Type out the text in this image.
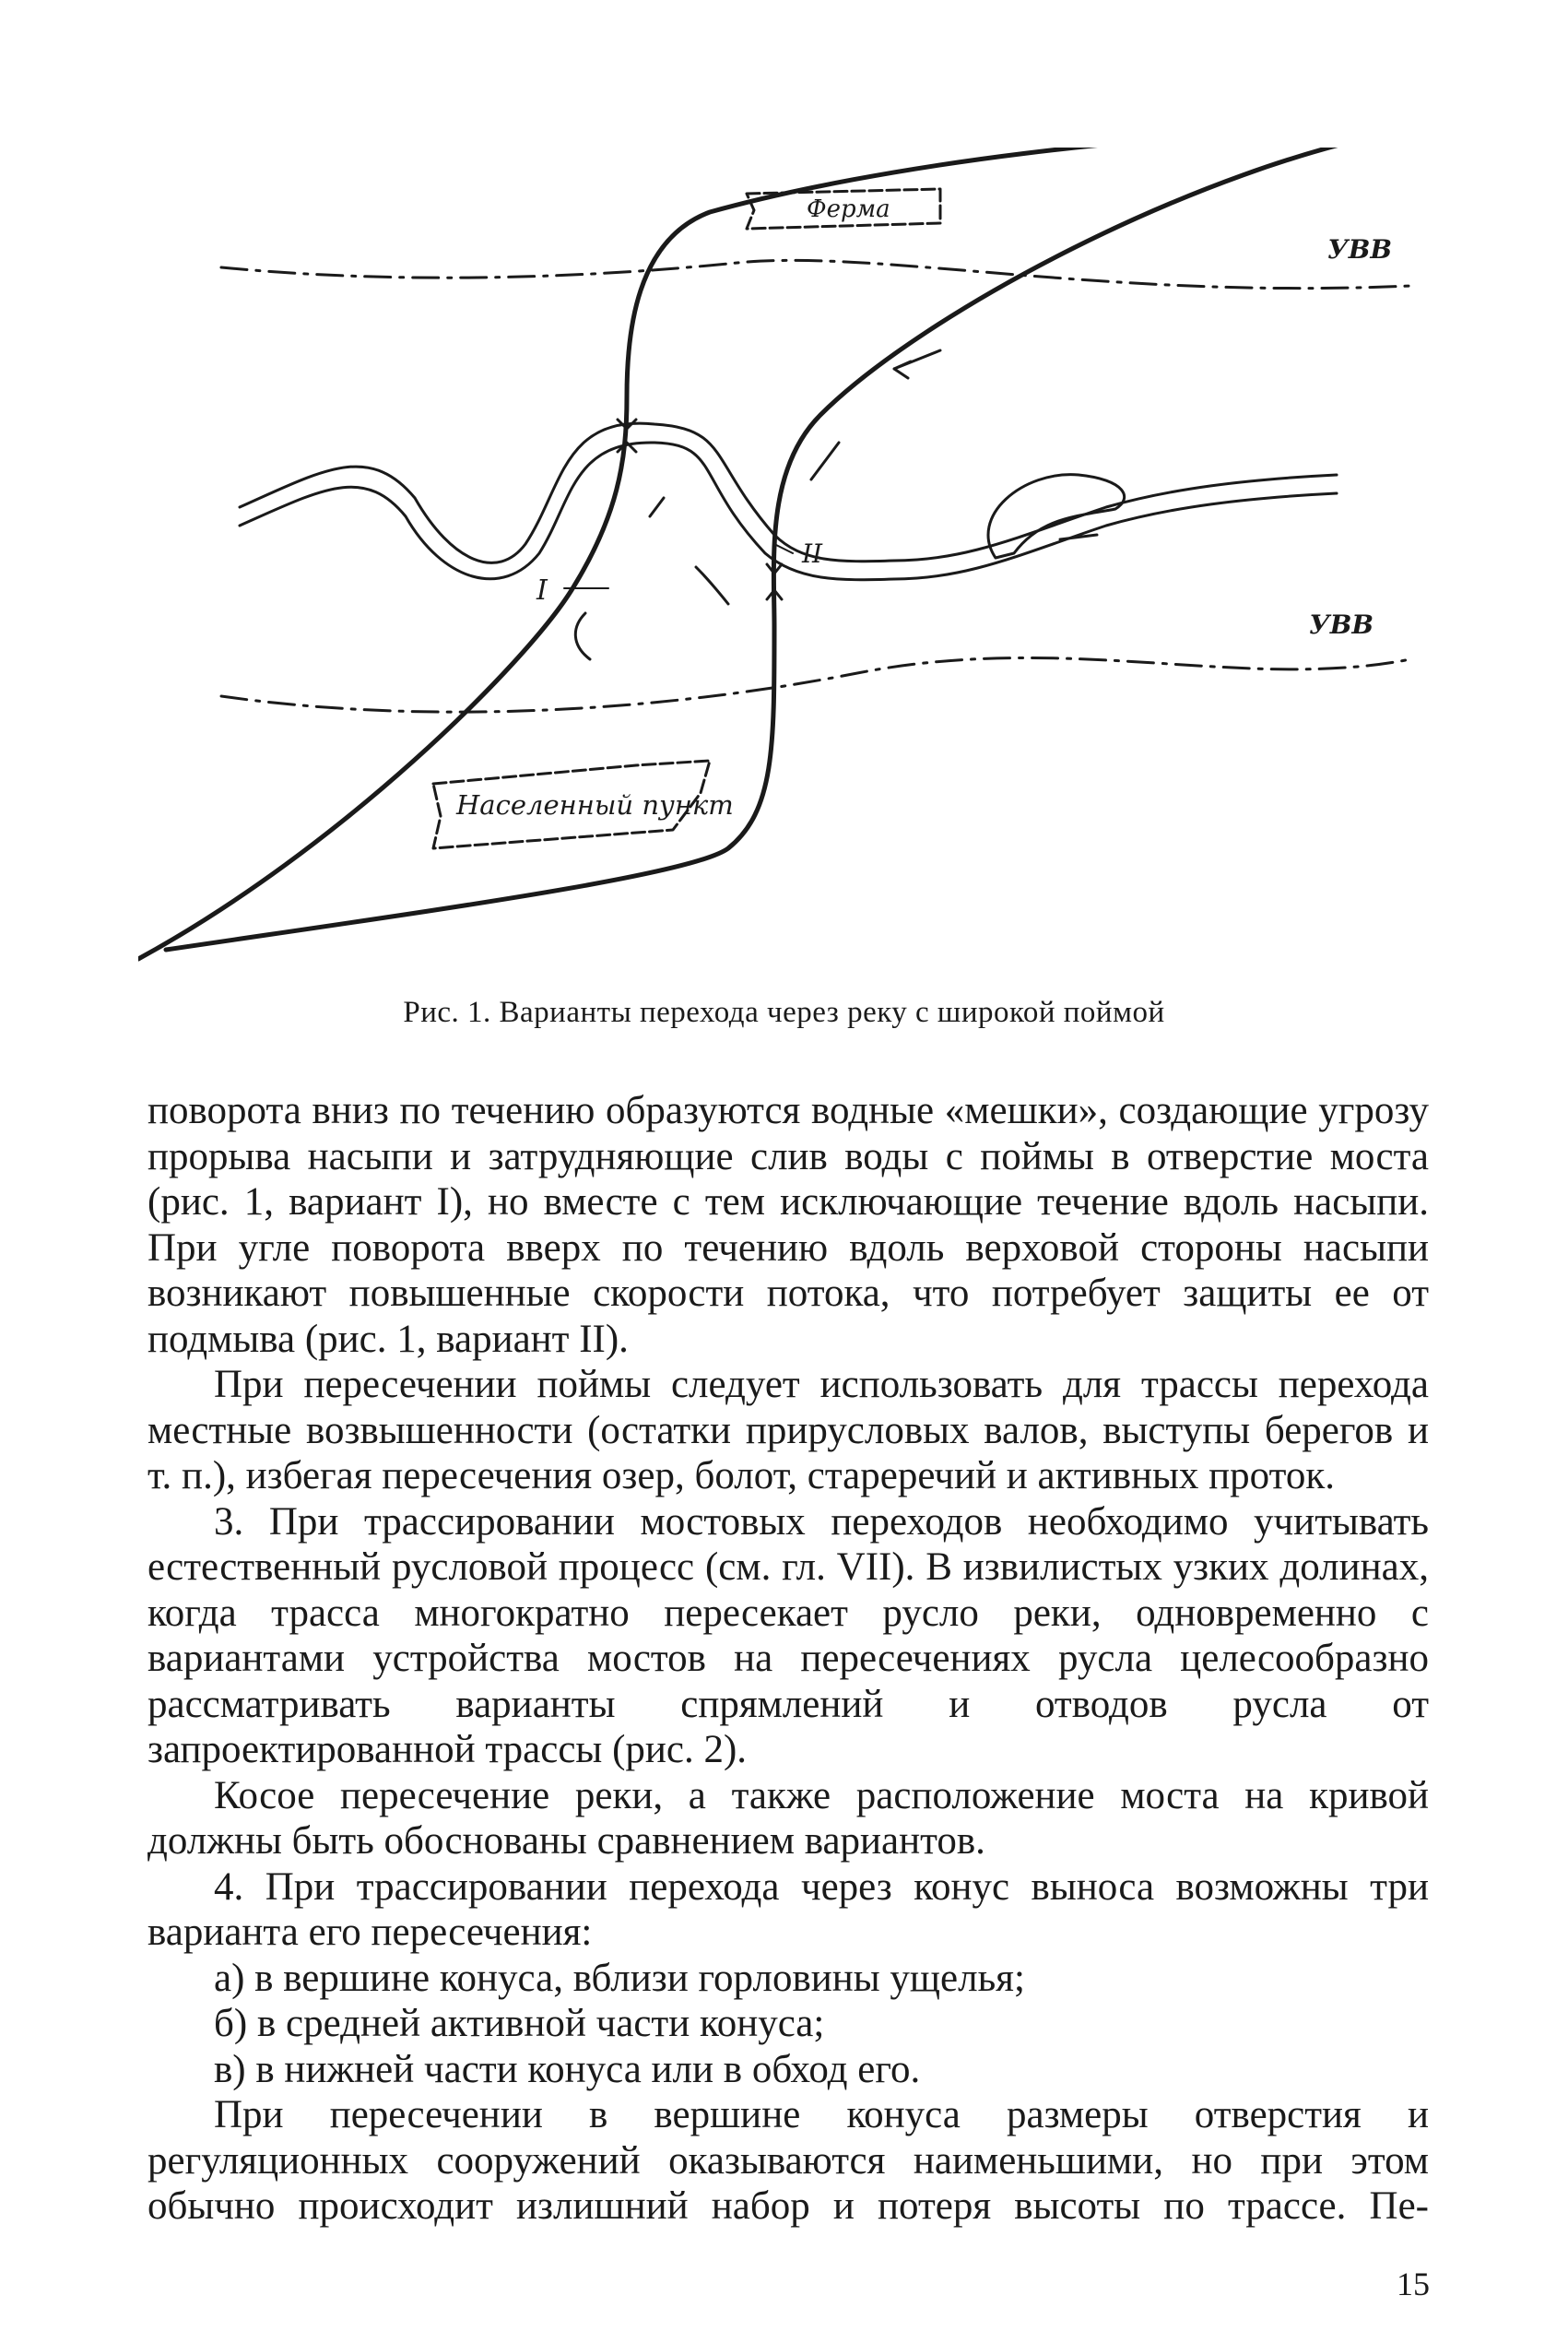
Ферма
Населенный пункт
УВВ
УВВ
I
II
Рис. 1. Варианты перехода через реку с широкой поймой

поворота вниз по течению образуются водные «мешки», создающие угрозу прорыва насыпи и затрудняющие слив воды с поймы в отверстие моста (рис. 1, вариант I), но вместе с тем исключающие течение вдоль насыпи. При угле поворота вверх по течению вдоль верховой стороны насыпи возникают повышенные скорости потока, что потребует защиты ее от подмыва (рис. 1, вариант II).

При пересечении поймы следует использовать для трассы перехода местные возвышенности (остатки прирусловых валов, выступы берегов и т. п.), избегая пересечения озер, болот, стареречий и активных проток.

3. При трассировании мостовых переходов необходимо учитывать естественный русловой процесс (см. гл. VII). В извилистых узких долинах, когда трасса многократно пересекает русло реки, одновременно с вариантами устройства мостов на пересечениях русла целесообразно рассматривать варианты спрямлений и отводов русла от запроектированной трассы (рис. 2).

Косое пересечение реки, а также расположение моста на кривой должны быть обоснованы сравнением вариантов.

4. При трассировании перехода через конус выноса возможны три варианта его пересечения:

а) в вершине конуса, вблизи горловины ущелья;

б) в средней активной части конуса;

в) в нижней части конуса или в обход его.

При пересечении в вершине конуса размеры отверстия и регуляционных сооружений оказываются наименьшими, но при этом обычно происходит излишний набор и потеря высоты по трассе. Пе-

15
